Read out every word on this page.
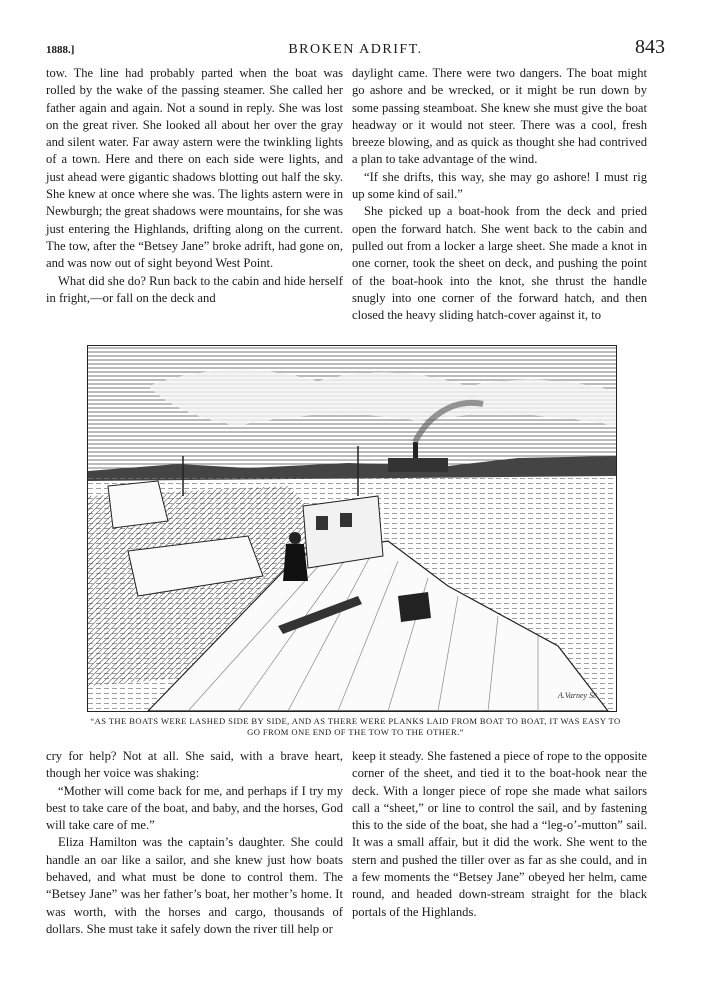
1888.]	BROKEN ADRIFT.	843

tow. The line had probably parted when the boat was rolled by the wake of the passing steamer. She called her father again and again. Not a sound in reply. She was lost on the great river. She looked all about her over the gray and silent water. Far away astern were the twinkling lights of a town. Here and there on each side were lights, and just ahead were gigantic shadows blotting out half the sky. She knew at once where she was. The lights astern were in Newburgh; the great shadows were mountains, for she was just entering the Highlands, drifting along on the current. The tow, after the “Betsey Jane” broke adrift, had gone on, and was now out of sight beyond West Point.

What did she do? Run back to the cabin and hide herself in fright,—or fall on the deck and

daylight came. There were two dangers. The boat might go ashore and be wrecked, or it might be run down by some passing steamboat. She knew she must give the boat headway or it would not steer. There was a cool, fresh breeze blowing, and as quick as thought she had contrived a plan to take advantage of the wind.

“If she drifts, this way, she may go ashore! I must rig up some kind of sail.”

She picked up a boat-hook from the deck and pried open the forward hatch. She went back to the cabin and pulled out from a locker a large sheet. She made a knot in one corner, took the sheet on deck, and pushing the point of the boat-hook into the knot, she thrust the handle snugly into one corner of the forward hatch, and then closed the heavy sliding hatch-cover against it, to

A.Varney Sc.
“AS THE BOATS WERE LASHED SIDE BY SIDE, AND AS THERE WERE PLANKS LAID FROM BOAT TO BOAT, IT WAS EASY TO
GO FROM ONE END OF THE TOW TO THE OTHER.”

cry for help? Not at all. She said, with a brave heart, though her voice was shaking:

“Mother will come back for me, and perhaps if I try my best to take care of the boat, and baby, and the horses, God will take care of me.”

Eliza Hamilton was the captain’s daughter. She could handle an oar like a sailor, and she knew just how boats behaved, and what must be done to control them. The “Betsey Jane” was her father’s boat, her mother’s home. It was worth, with the horses and cargo, thousands of dollars. She must take it safely down the river till help or

keep it steady. She fastened a piece of rope to the opposite corner of the sheet, and tied it to the boat-hook near the deck. With a longer piece of rope she made what sailors call a “sheet,” or line to control the sail, and by fastening this to the side of the boat, she had a “leg-o’-mutton” sail. It was a small affair, but it did the work. She went to the stern and pushed the tiller over as far as she could, and in a few moments the “Betsey Jane” obeyed her helm, came round, and headed down-stream straight for the black portals of the Highlands.
